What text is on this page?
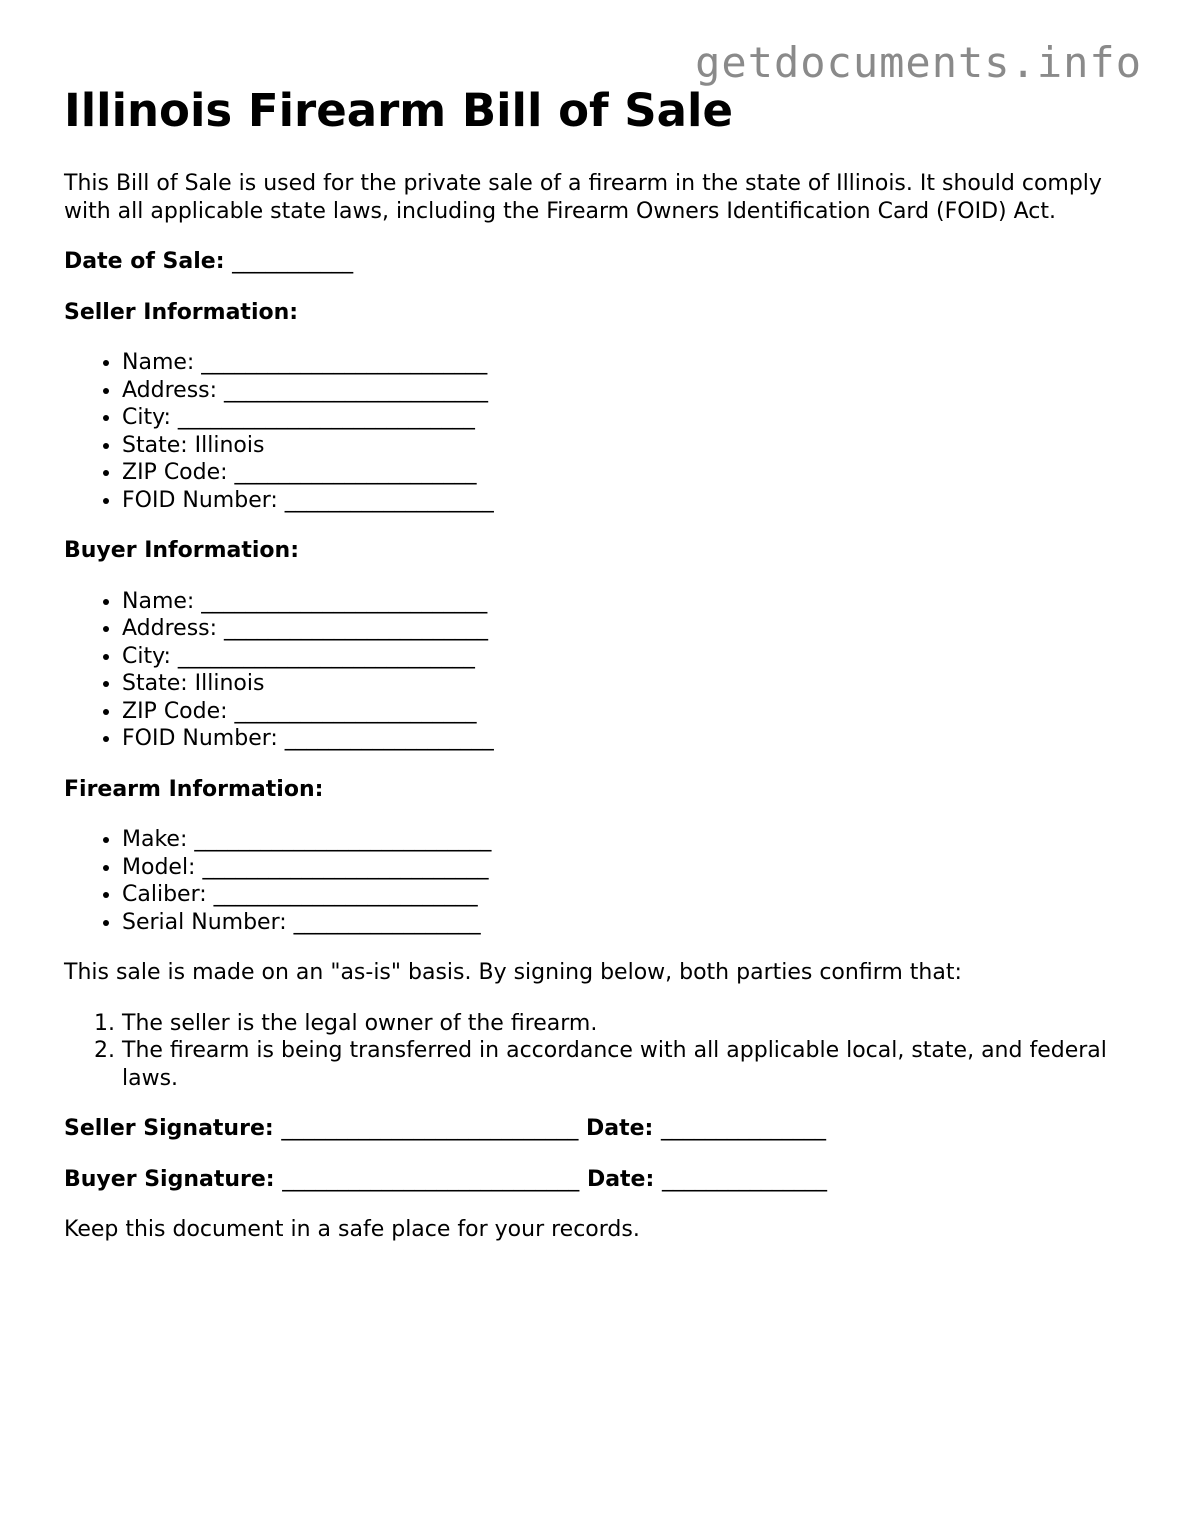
getdocuments.info
Illinois Firearm Bill of Sale

This Bill of Sale is used for the private sale of a firearm in the state of Illinois. It should comply with all applicable state laws, including the Firearm Owners Identification Card (FOID) Act.

Date of Sale: ___________

Seller Information:

• Name: __________________________
• Address: ________________________
• City: ___________________________
• State: Illinois
• ZIP Code: ______________________
• FOID Number: ___________________

Buyer Information:

• Name: __________________________
• Address: ________________________
• City: ___________________________
• State: Illinois
• ZIP Code: ______________________
• FOID Number: ___________________

Firearm Information:

• Make: ___________________________
• Model: __________________________
• Caliber: ________________________
• Serial Number: _________________

This sale is made on an "as-is" basis. By signing below, both parties confirm that:

1. The seller is the legal owner of the firearm.
2. The firearm is being transferred in accordance with all applicable local, state, and federal laws.

Seller Signature: ___________________________ Date: _______________

Buyer Signature: ___________________________ Date: _______________

Keep this document in a safe place for your records.
